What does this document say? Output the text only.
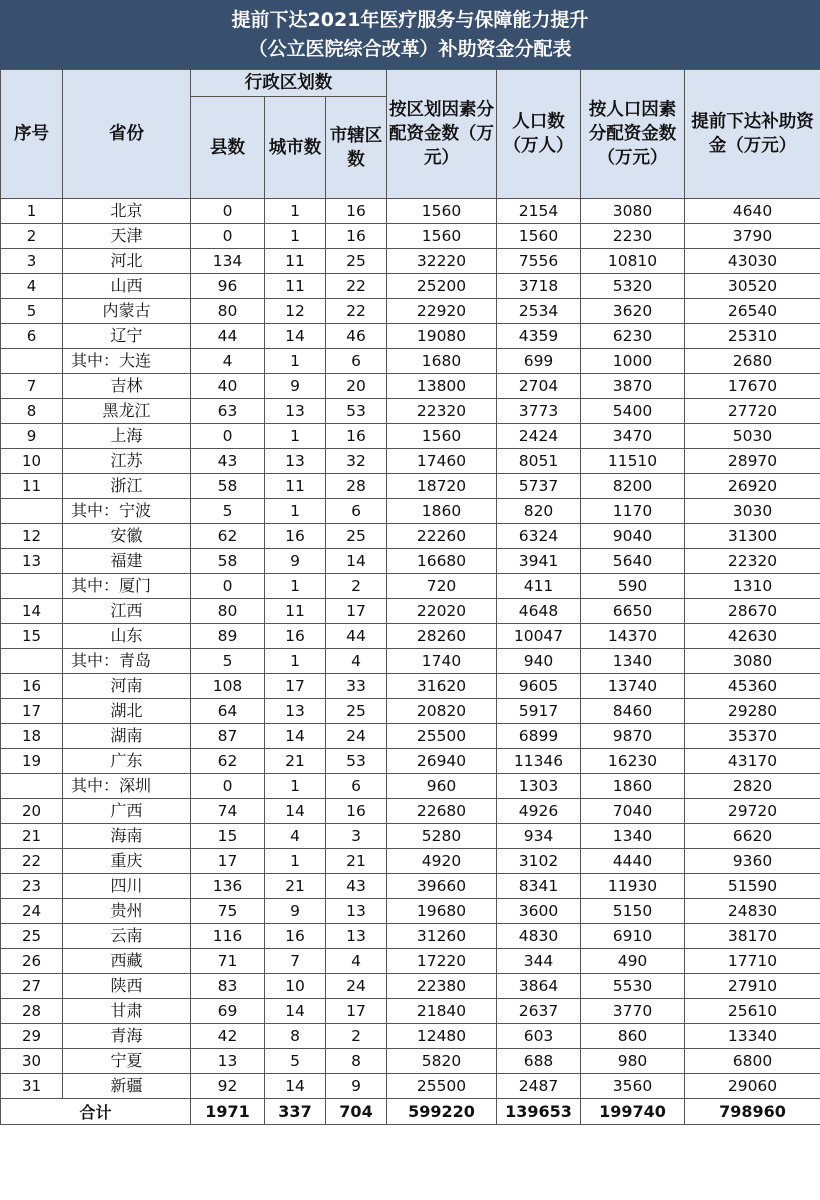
提前下达2021年医疗服务与保障能力提升
（公立医院综合改革）补助资金分配表
序号	省份	行政区划数			按区划因素分配资金数（万元）	人口数（万人）	按人口因素分配资金数（万元）	提前下达补助资金（万元）
		县数	城市数	市辖区数				
1	北京	0	1	16	1560	2154	3080	4640
2	天津	0	1	16	1560	1560	2230	3790
3	河北	134	11	25	32220	7556	10810	43030
4	山西	96	11	22	25200	3718	5320	30520
5	内蒙古	80	12	22	22920	2534	3620	26540
6	辽宁	44	14	46	19080	4359	6230	25310
	其中：大连	4	1	6	1680	699	1000	2680
7	吉林	40	9	20	13800	2704	3870	17670
8	黑龙江	63	13	53	22320	3773	5400	27720
9	上海	0	1	16	1560	2424	3470	5030
10	江苏	43	13	32	17460	8051	11510	28970
11	浙江	58	11	28	18720	5737	8200	26920
	其中：宁波	5	1	6	1860	820	1170	3030
12	安徽	62	16	25	22260	6324	9040	31300
13	福建	58	9	14	16680	3941	5640	22320
	其中：厦门	0	1	2	720	411	590	1310
14	江西	80	11	17	22020	4648	6650	28670
15	山东	89	16	44	28260	10047	14370	42630
	其中：青岛	5	1	4	1740	940	1340	3080
16	河南	108	17	33	31620	9605	13740	45360
17	湖北	64	13	25	20820	5917	8460	29280
18	湖南	87	14	24	25500	6899	9870	35370
19	广东	62	21	53	26940	11346	16230	43170
	其中：深圳	0	1	6	960	1303	1860	2820
20	广西	74	14	16	22680	4926	7040	29720
21	海南	15	4	3	5280	934	1340	6620
22	重庆	17	1	21	4920	3102	4440	9360
23	四川	136	21	43	39660	8341	11930	51590
24	贵州	75	9	13	19680	3600	5150	24830
25	云南	116	16	13	31260	4830	6910	38170
26	西藏	71	7	4	17220	344	490	17710
27	陕西	83	10	24	22380	3864	5530	27910
28	甘肃	69	14	17	21840	2637	3770	25610
29	青海	42	8	2	12480	603	860	13340
30	宁夏	13	5	8	5820	688	980	6800
31	新疆	92	14	9	25500	2487	3560	29060
合计		1971	337	704	599220	139653	199740	798960
